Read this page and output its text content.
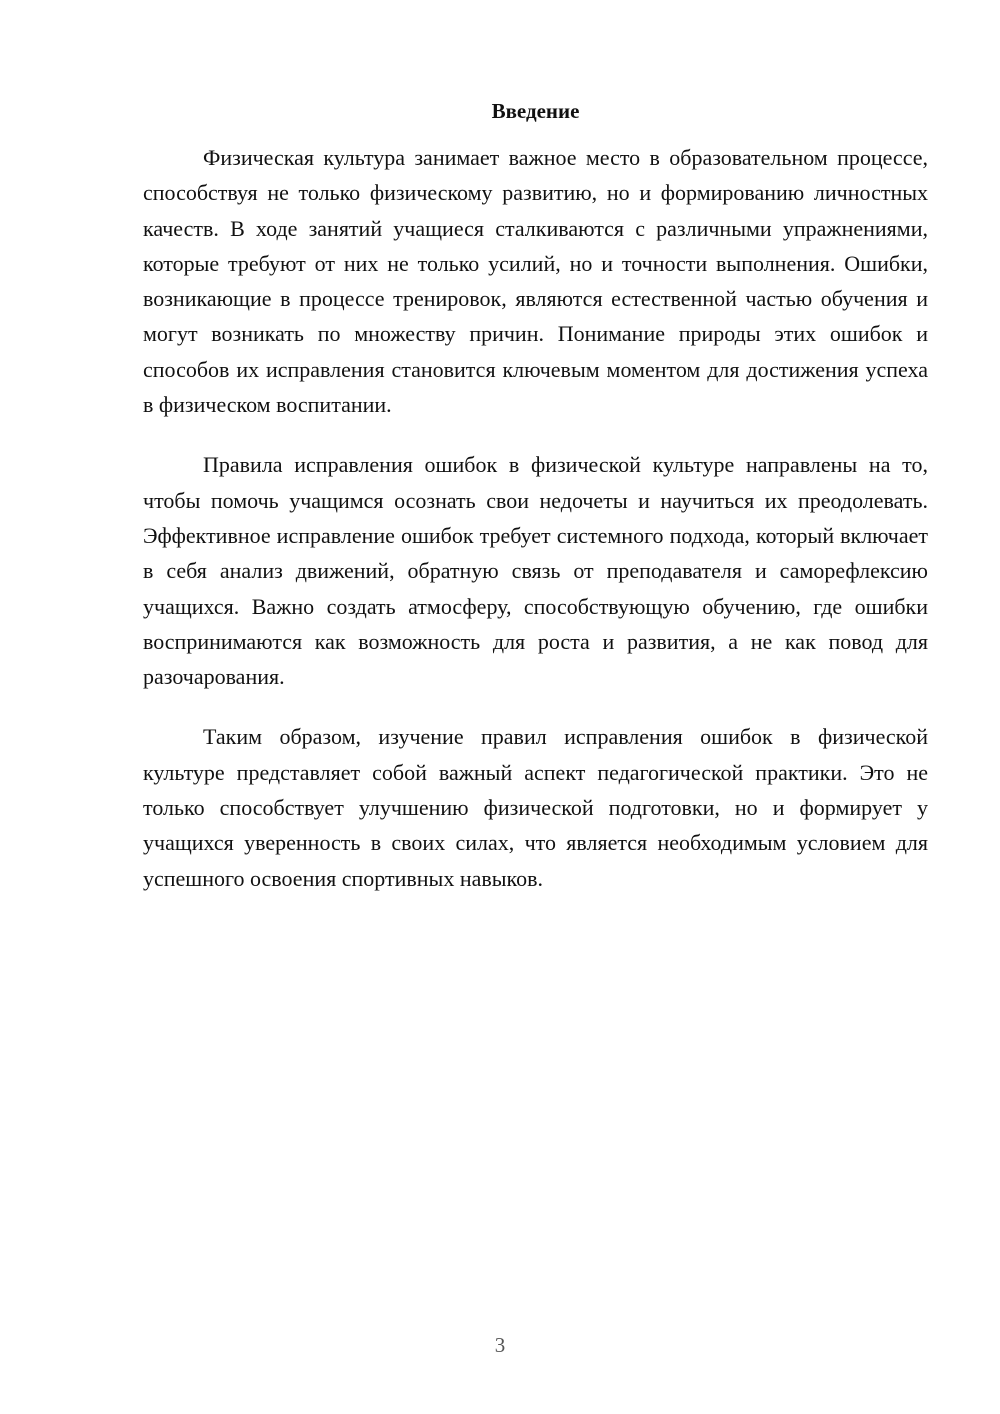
Введение

Физическая культура занимает важное место в образовательном процессе, способствуя не только физическому развитию, но и формированию личностных качеств. В ходе занятий учащиеся сталкиваются с различными упражнениями, которые требуют от них не только усилий, но и точности выполнения. Ошибки, возникающие в процессе тренировок, являются естественной частью обучения и могут возникать по множеству причин. Понимание природы этих ошибок и способов их исправления становится ключевым моментом для достижения успеха в физическом воспитании.

Правила исправления ошибок в физической культуре направлены на то, чтобы помочь учащимся осознать свои недочеты и научиться их преодолевать. Эффективное исправление ошибок требует системного подхода, который включает в себя анализ движений, обратную связь от преподавателя и саморефлексию учащихся. Важно создать атмосферу, способствующую обучению, где ошибки воспринимаются как возможность для роста и развития, а не как повод для разочарования.

Таким образом, изучение правил исправления ошибок в физической культуре представляет собой важный аспект педагогической практики. Это не только способствует улучшению физической подготовки, но и формирует у учащихся уверенность в своих силах, что является необходимым условием для успешного освоения спортивных навыков.

3
